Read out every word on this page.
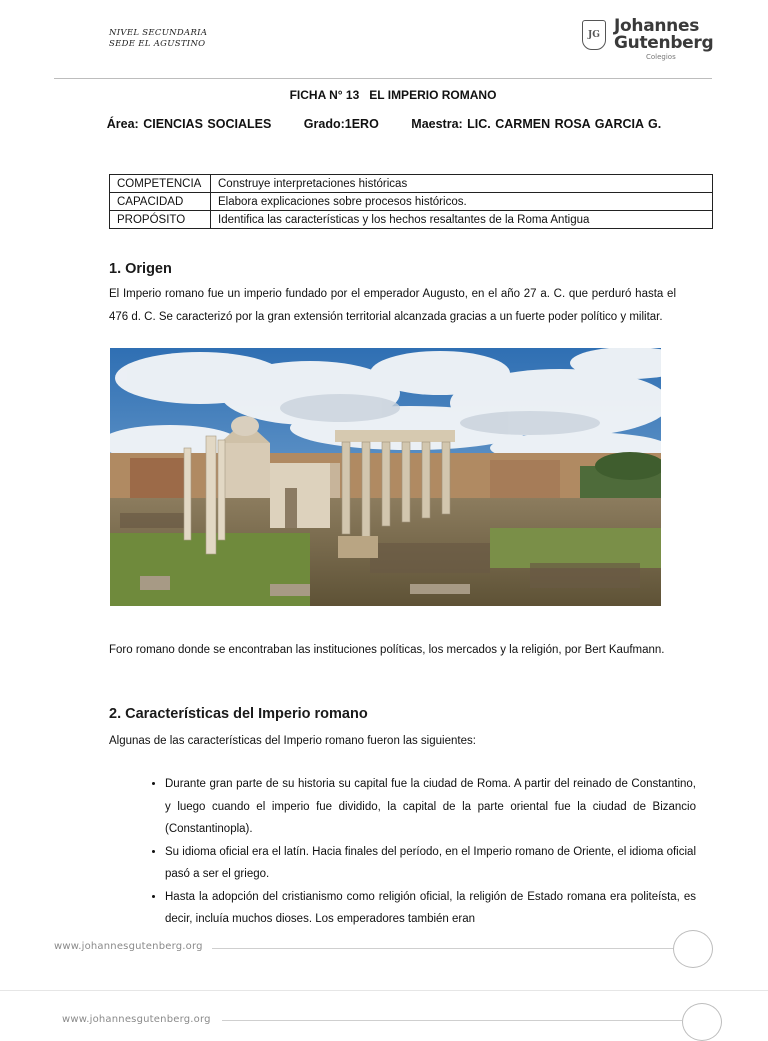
NIVEL SECUNDARIA
SEDE EL AGUSTINO
JG Johannes
Gutenberg
Colegios
FICHA N° 13   EL IMPERIO ROMANO
Área: CIENCIAS SOCIALES	Grado:1ERO	Maestra: LIC. CARMEN ROSA GARCIA G.
COMPETENCIA	Construye interpretaciones históricas
CAPACIDAD	Elabora explicaciones sobre procesos históricos.
PROPÓSITO	Identifica las características y los hechos resaltantes de la Roma Antigua
1. Origen
El Imperio romano fue un imperio fundado por el emperador Augusto, en el año 27 a. C. que perduró hasta el 476 d. C. Se caracterizó por la gran extensión territorial alcanzada gracias a un fuerte poder político y militar.
Foro romano donde se encontraban las instituciones políticas, los mercados y la religión, por Bert Kaufmann.
2. Características del Imperio romano
Algunas de las características del Imperio romano fueron las siguientes:
• Durante gran parte de su historia su capital fue la ciudad de Roma. A partir del reinado de Constantino, y luego cuando el imperio fue dividido, la capital de la parte oriental fue la ciudad de Bizancio (Constantinopla).
• Su idioma oficial era el latín. Hacia finales del período, en el Imperio romano de Oriente, el idioma oficial pasó a ser el griego.
• Hasta la adopción del cristianismo como religión oficial, la religión de Estado romana era politeísta, es decir, incluía muchos dioses. Los emperadores también eran
www.johannesgutenberg.org
www.johannesgutenberg.org
